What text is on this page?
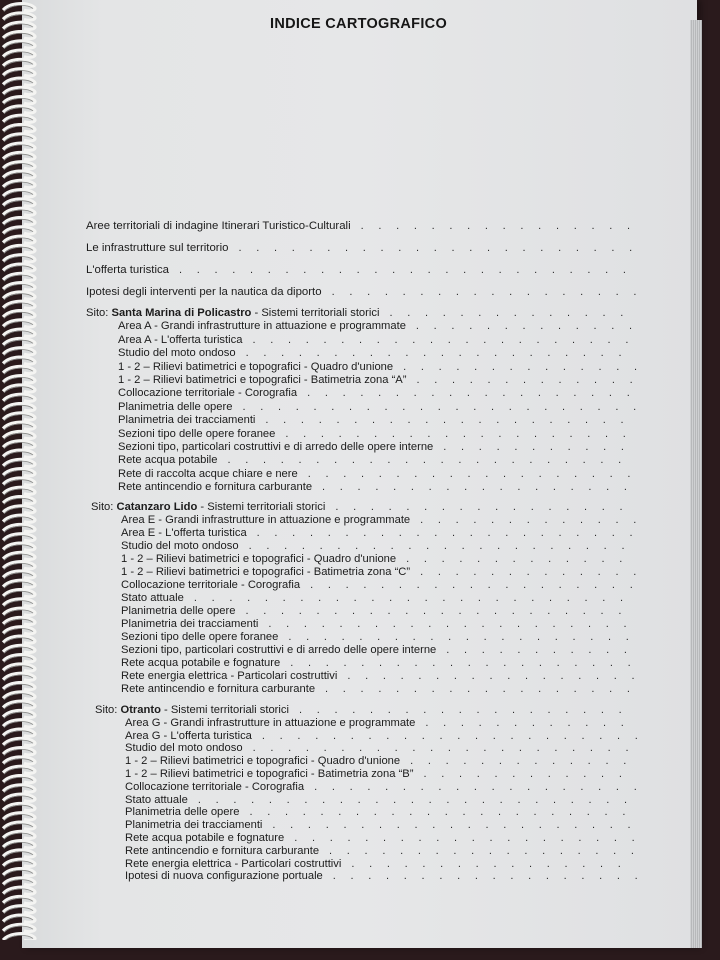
INDICE CARTOGRAFICO
Aree territoriali di indagine Itinerari Turistico-Culturali ................
Le infrastrutture sul territorio .......................
L'offerta turistica ..........................
Ipotesi degli interventi per la nautica da diporto ..................
Sito: Santa Marina di Policastro - Sistemi territoriali storici ..............
Area A - Grandi infrastrutture in attuazione e programmate .............
Area A - L'offerta turistica ......................
Studio del moto ondoso ......................
1 - 2 – Rilievi batimetrici e topografici - Quadro d'unione ..............
1 - 2 – Rilievi batimetrici e topografici - Batimetria zona “A” .............
Collocazione territoriale - Corografia ...................
Planimetria delle opere .......................
Planimetria dei tracciamenti .....................
Sezioni tipo delle opere foranee ....................
Sezioni tipo, particolari costruttivi e di arredo delle opere interne ...........
Rete acqua potabile .......................
Rete di raccolta acque chiare e nere ...................
Rete antincendio e fornitura carburante ..................
Sito: Catanzaro Lido - Sistemi territoriali storici .................
Area E - Grandi infrastrutture in attuazione e programmate .............
Area E - L'offerta turistica ......................
Studio del moto ondoso ......................
1 - 2 – Rilievi batimetrici e topografici - Quadro d'unione .............
1 - 2 – Rilievi batimetrici e topografici - Batimetria zona “C” .............
Collocazione territoriale - Corografia ...................
Stato attuale .........................
Planimetria delle opere ......................
Planimetria dei tracciamenti .....................
Sezioni tipo delle opere foranee ....................
Sezioni tipo, particolari costruttivi e di arredo delle opere interne ...........
Rete acqua potabile e fognature ....................
Rete energia elettrica - Particolari costruttivi .................
Rete antincendio e fornitura carburante ..................
Sito: Otranto - Sistemi territoriali storici ...................
Area G - Grandi infrastrutture in attuazione e programmate ............
Area G - L'offerta turistica ......................
Studio del moto ondoso ......................
1 - 2 – Rilievi batimetrici e topografici - Quadro d'unione .............
1 - 2 – Rilievi batimetrici e topografici - Batimetria zona “B” ............
Collocazione territoriale - Corografia ...................
Stato attuale .........................
Planimetria delle opere ......................
Planimetria dei tracciamenti .....................
Rete acqua potabile e fognature ....................
Rete antincendio e fornitura carburante ..................
Rete energia elettrica - Particolari costruttivi ................
Ipotesi di nuova configurazione portuale ..................
